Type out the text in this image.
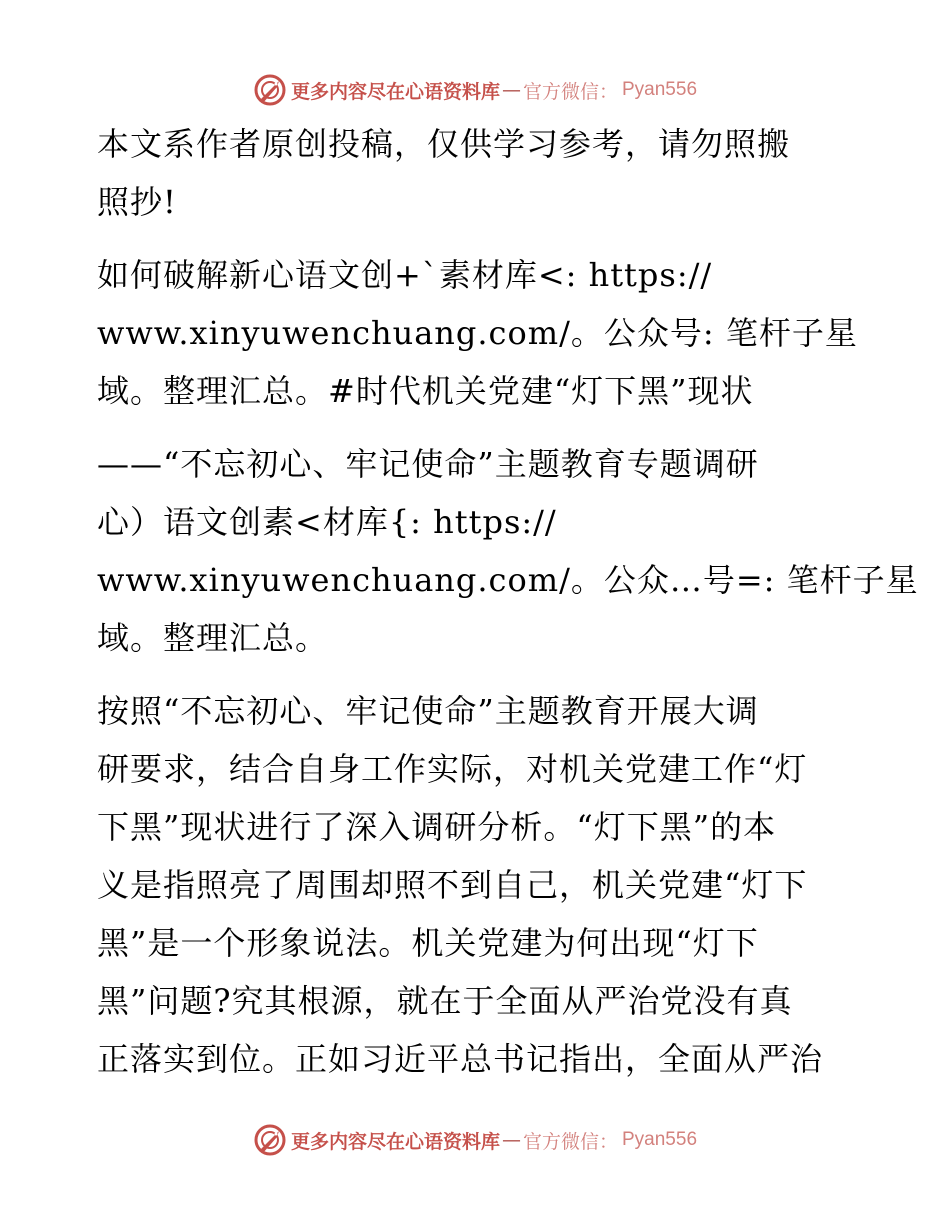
更多内容尽在心语资料库 — 官方微信： Pyan556
本文系作者原创投稿，仅供学习参考，请勿照搬
照抄!
如何破解新心语文创+`素材库<: https://
www.xinyuwenchuang.com/。公众号: 笔杆子星
域。整理汇总。#时代机关党建“灯下黑”现状
——“不忘初心、牢记使命”主题教育专题调研
心）语文创素<材库{: https://
www.xinyuwenchuang.com/。公众…号=: 笔杆子星
域。整理汇总。
按照“不忘初心、牢记使命”主题教育开展大调
研要求，结合自身工作实际，对机关党建工作“灯
下黑”现状进行了深入调研分析。“灯下黑”的本
义是指照亮了周围却照不到自己，机关党建“灯下
黑”是一个形象说法。机关党建为何出现“灯下
黑”问题?究其根源，就在于全面从严治党没有真
正落实到位。正如习近平总书记指出，全面从严治
更多内容尽在心语资料库 — 官方微信： Pyan556
